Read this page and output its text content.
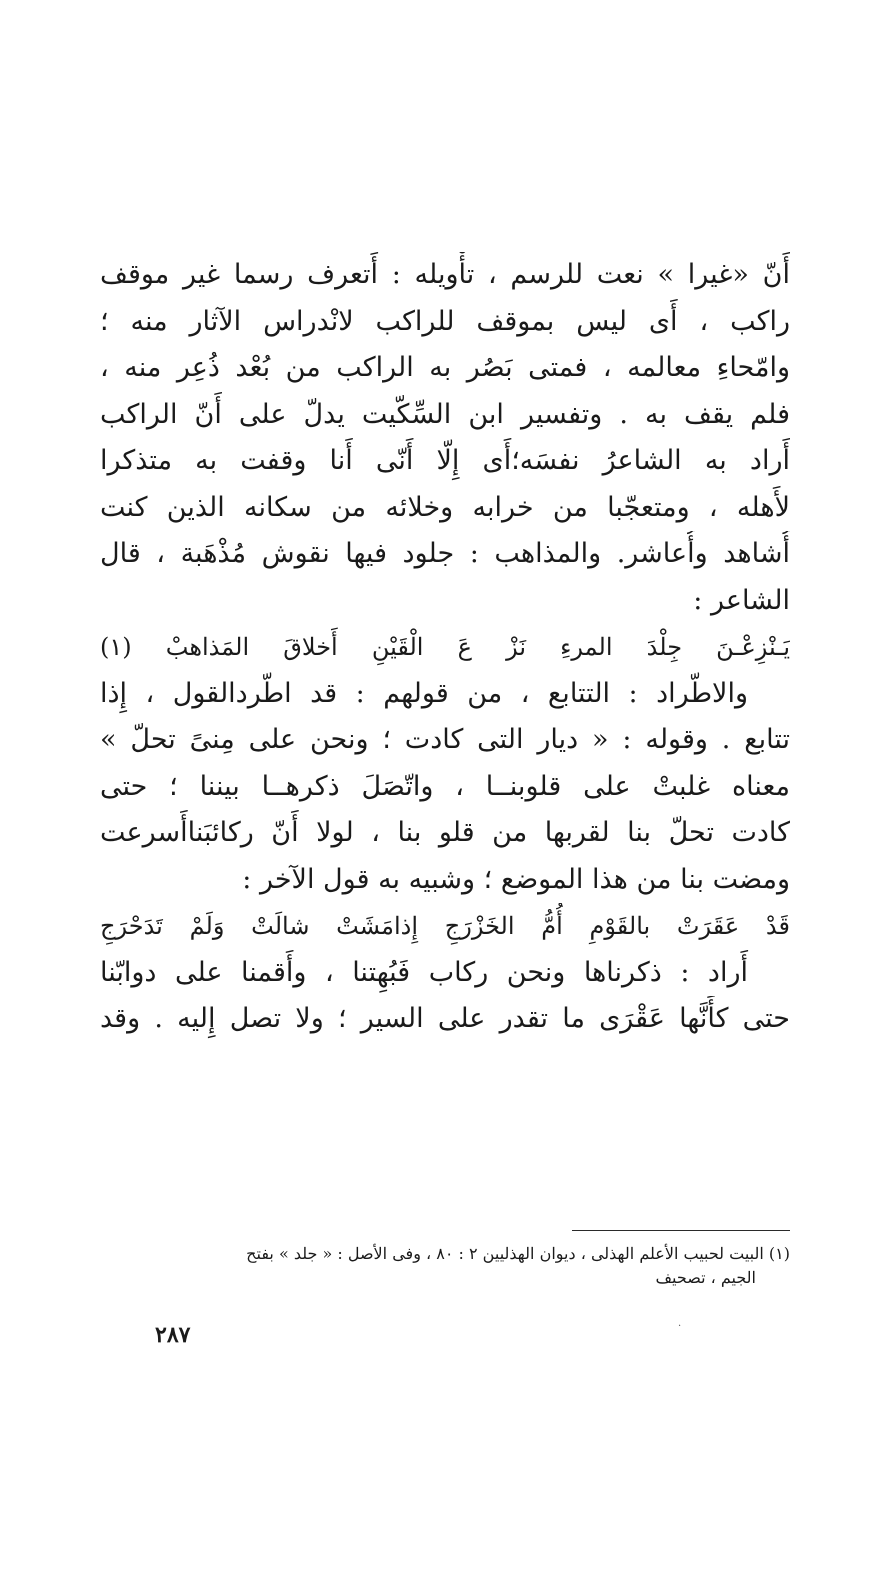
أَنّ «غيرا » نعت للرسم ، تأْويله : أَتعرف رسما غير موقف
راكب ، أَى ليس بموقف للراكب لانْدراس الآثار منه ؛
وامّحاءِ معالمه ، فمتى بَصُر به الراكب من بُعْد ذُعِر منه ،
فلم يقف به . وتفسير ابن السِّكّيت يدلّ على أَنّ الراكب
أَراد به الشاعرُ نفسَه؛أَى إِلّا أَنّى أَنا وقفت به متذكرا
لأَهله ، ومتعجّبا من خرابه وخلائه من سكانه الذين كنت
أُشاهد وأُعاشر. والمذاهب : جلود فيها نقوش مُذْهَبة ، قال
الشاعر :
يَـنْزِعْـنَ جِلْدَ المرءِ نَزْ عَ الْقَيْنِ أَخلاقَ المَذاهبْ (١)
والاطّراد : التتابع ، من قولهم : قد اطّردالقول ، إِذا
تتابع . وقوله : « ديار التى كادت ؛ ونحن على مِنىً تحلّ »
معناه غلبتْ على قلوبنــا ، واتّصَلَ ذكرهــا بيننا ؛ حتى
كادت تحلّ بنا لقربها من قلو بنا ، لولا أَنّ ركائبَناأَسرعت
ومضت بنا من هذا الموضع ؛ وشبيه به قول الآخر :
قَدْ عَقَرَتْ بالقَوْمِ أُمُّ الخَزْرَجِ إِذامَشَتْ شالَتْ وَلَمْ تَدَحْرَجِ
أَراد : ذكرناها ونحن ركاب فَبُهِتنا ، وأَقمنا على دوابّنا
حتى كأَنَّها عَقْرَى ما تقدر على السير ؛ ولا تصل إِليه . وقد
(١) البيت لحبيب الأعلم الهذلى ، ديوان الهذليين ٢ : ٨٠ ، وفى الأصل : « جلد » بفتح
الجيم ، تصحيف
.
٢٨٧
